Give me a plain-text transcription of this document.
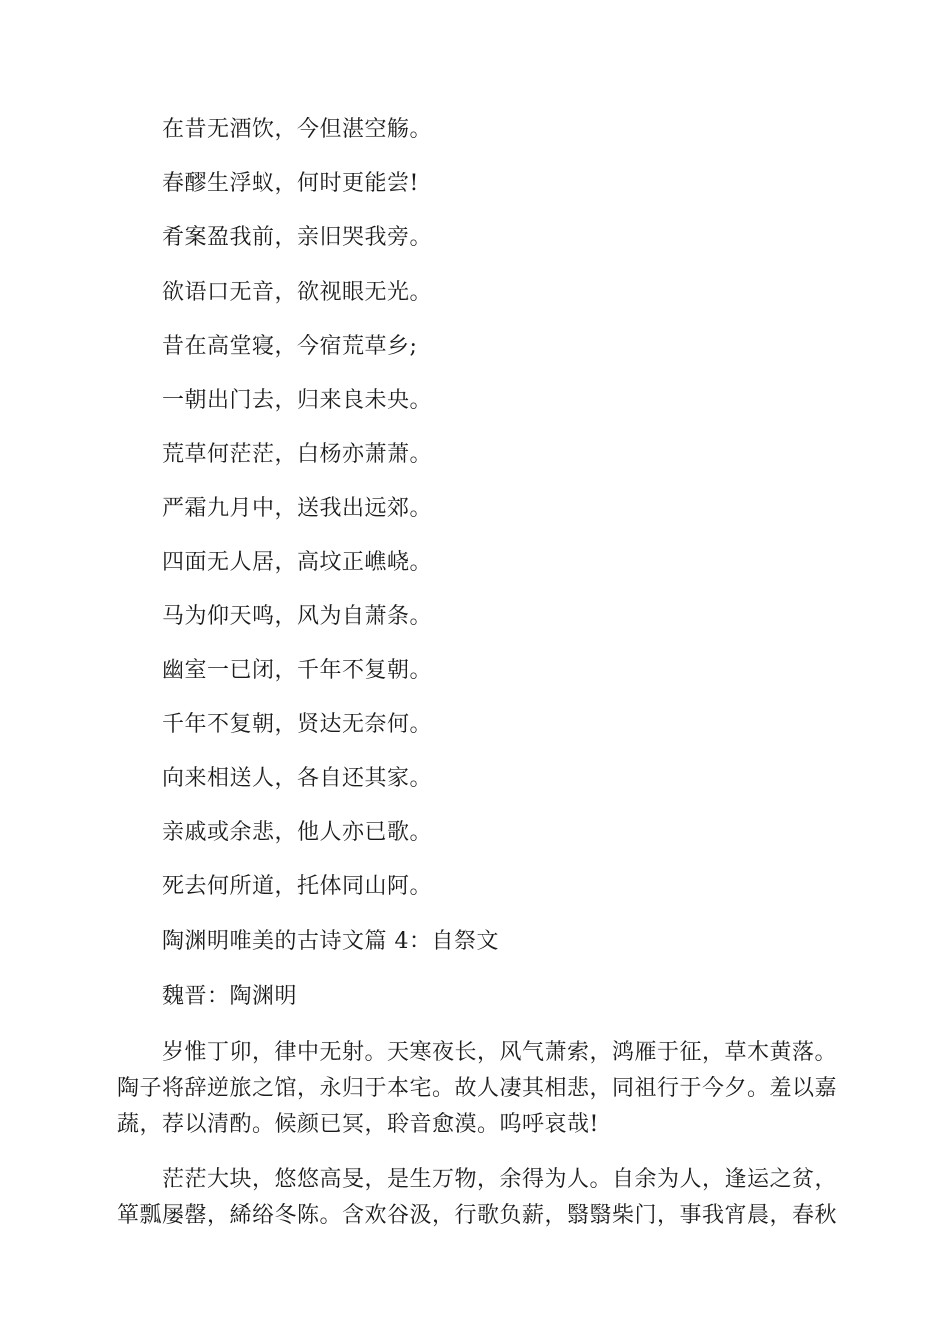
在昔无酒饮，今但湛空觞。
春醪生浮蚁，何时更能尝!
肴案盈我前，亲旧哭我旁。
欲语口无音，欲视眼无光。
昔在高堂寝，今宿荒草乡;
一朝出门去，归来良未央。
荒草何茫茫，白杨亦萧萧。
严霜九月中，送我出远郊。
四面无人居，高坟正嶕峣。
马为仰天鸣，风为自萧条。
幽室一已闭，千年不复朝。
千年不复朝，贤达无奈何。
向来相送人，各自还其家。
亲戚或余悲，他人亦已歌。
死去何所道，托体同山阿。
陶渊明唯美的古诗文篇 4：自祭文
魏晋：陶渊明

岁惟丁卯，律中无射。天寒夜长，风气萧索，鸿雁于征，草木黄落。陶子将辞逆旅之馆，永归于本宅。故人凄其相悲，同祖行于今夕。羞以嘉蔬，荐以清酌。候颜已冥，聆音愈漠。呜呼哀哉!

茫茫大块，悠悠高旻，是生万物，余得为人。自余为人，逢运之贫，箪瓢屡罄，絺绤冬陈。含欢谷汲，行歌负薪，翳翳柴门，事我宵晨，春秋
